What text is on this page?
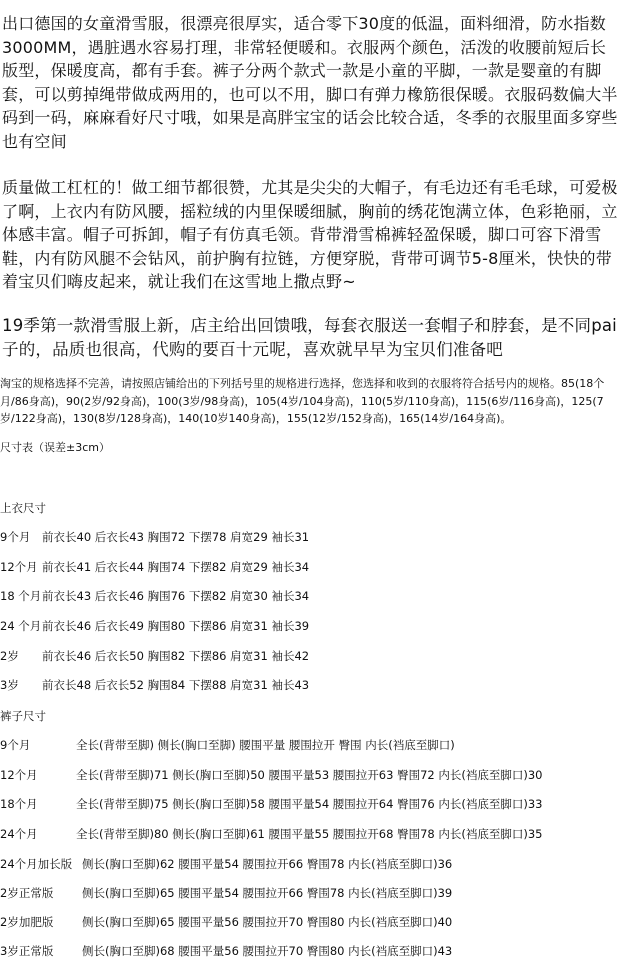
出口德国的女童滑雪服，很漂亮很厚实，适合零下30度的低温，面料细滑，防水指数3000MM，遇脏遇水容易打理，非常轻便暖和。衣服两个颜色，活泼的收腰前短后长版型，保暖度高，都有手套。裤子分两个款式一款是小童的平脚，一款是婴童的有脚套，可以剪掉绳带做成两用的，也可以不用，脚口有弹力橡筋很保暖。衣服码数偏大半码到一码，麻麻看好尺寸哦，如果是高胖宝宝的话会比较合适，冬季的衣服里面多穿些也有空间

质量做工杠杠的！做工细节都很赞，尤其是尖尖的大帽子，有毛边还有毛毛球，可爱极了啊，上衣内有防风腰，摇粒绒的内里保暖细腻，胸前的绣花饱满立体，色彩艳丽，立体感丰富。帽子可拆卸，帽子有仿真毛领。背带滑雪棉裤轻盈保暖，脚口可容下滑雪鞋，内有防风腿不会钻风，前护胸有拉链，方便穿脱，背带可调节5-8厘米，快快的带着宝贝们嗨皮起来，就让我们在这雪地上撒点野~

19季第一款滑雪服上新，店主给出回馈哦，每套衣服送一套帽子和脖套，是不同pai子的，品质也很高，代购的要百十元呢，喜欢就早早为宝贝们准备吧

淘宝的规格选择不完善，请按照店铺给出的下列括号里的规格进行选择，您选择和收到的衣服将符合括号内的规格。85(18个月/86身高)，90(2岁/92身高)，100(3岁/98身高)，105(4岁/104身高)，110(5岁/110身高)，115(6岁/116身高)，125(7岁/122身高)，130(8岁/128身高)，140(10岁140身高)，155(12岁/152身高)，165(14岁/164身高)。

尺寸表（误差±3cm）

上衣尺寸
9个月 前衣长40 后衣长43 胸围72 下摆78 肩宽29 袖长31
12个月 前衣长41 后衣长44 胸围74 下摆82 肩宽29 袖长34
18 个月前衣长43 后衣长46 胸围76 下摆82 肩宽30 袖长34
24 个月前衣长46 后衣长49 胸围80 下摆86 肩宽31 袖长39
2岁 前衣长46 后衣长50 胸围82 下摆86 肩宽31 袖长42
3岁 前衣长48 后衣长52 胸围84 下摆88 肩宽31 袖长43
裤子尺寸
9个月	全长(背带至脚) 侧长(胸口至脚) 腰围平量 腰围拉开 臀围 内长(裆底至脚口)
12个月	全长(背带至脚)71 侧长(胸口至脚)50 腰围平量53 腰围拉开63 臀围72 内长(裆底至脚口)30
18个月	全长(背带至脚)75 侧长(胸口至脚)58 腰围平量54 腰围拉开64 臀围76 内长(裆底至脚口)33
24个月	全长(背带至脚)80 侧长(胸口至脚)61 腰围平量55 腰围拉开68 臀围78 内长(裆底至脚口)35
24个月加长版 侧长(胸口至脚)62 腰围平量54 腰围拉开66 臀围78 内长(裆底至脚口)36
2岁正常版 侧长(胸口至脚)65 腰围平量54 腰围拉开66 臀围78 内长(裆底至脚口)39
2岁加肥版 侧长(胸口至脚)65 腰围平量56 腰围拉开70 臀围80 内长(裆底至脚口)40
3岁正常版 侧长(胸口至脚)68 腰围平量56 腰围拉开70 臀围80 内长(裆底至脚口)43
